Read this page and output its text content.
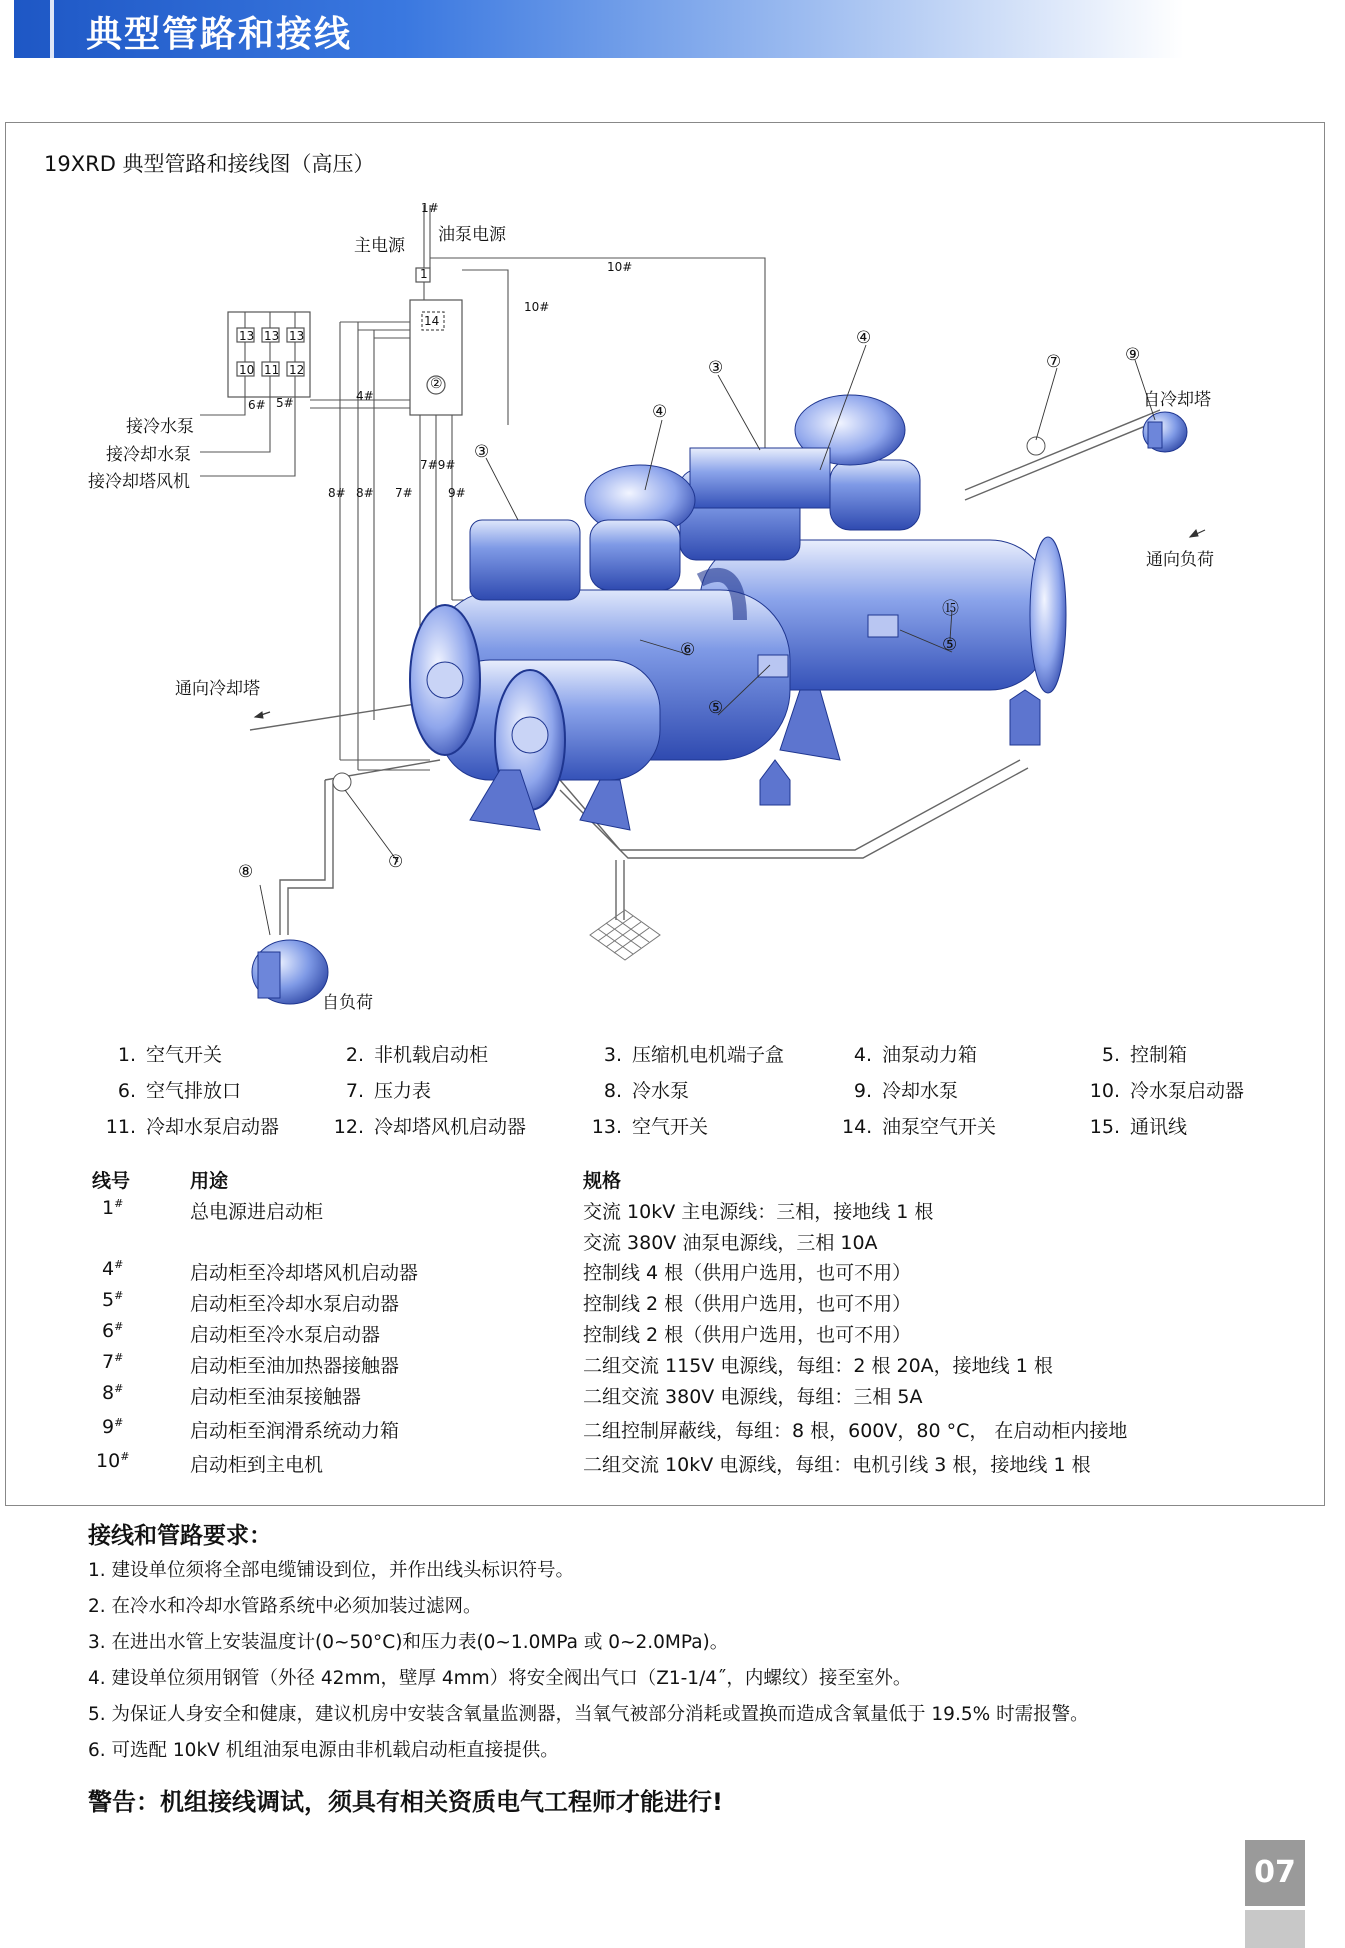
典型管路和接线
19XRD 典型管路和接线图（高压）
1#
主电源
油泵电源
10#
10#
1
14
②
13 13 13
10 11 12
6# 5#	4#
接冷水泵
接冷却水泵
接冷却塔风机
8# 8# 7#
7#9#
9#
自冷却塔
通向负荷
通向冷却塔
自负荷
③
④
③
④
⑦	⑨
⑮
⑤
⑥
⑤
⑦
⑧
1. 空气开关	2. 非机载启动柜	3. 压缩机电机端子盒	4. 油泵动力箱	5. 控制箱
6. 空气排放口	7. 压力表	8. 冷水泵	9. 冷却水泵	10. 冷水泵启动器
11. 冷却水泵启动器	12. 冷却塔风机启动器	13. 空气开关	14. 油泵空气开关	15. 通讯线
线号	用途	规格
1#	总电源进启动柜	交流 10kV 主电源线：三相，接地线 1 根
交流 380V 油泵电源线，三相 10A
4#	启动柜至冷却塔风机启动器	控制线 4 根（供用户选用，也可不用）
5#	启动柜至冷却水泵启动器	控制线 2 根（供用户选用，也可不用）
6#	启动柜至冷水泵启动器	控制线 2 根（供用户选用，也可不用）
7#	启动柜至油加热器接触器	二组交流 115V 电源线，每组：2 根 20A，接地线 1 根
8#	启动柜至油泵接触器	二组交流 380V 电源线，每组：三相 5A
9#	启动柜至润滑系统动力箱	二组控制屏蔽线，每组：8 根，600V，80 °C， 在启动柜内接地
10#	启动柜到主电机	二组交流 10kV 电源线，每组：电机引线 3 根，接地线 1 根
接线和管路要求：
1. 建设单位须将全部电缆铺设到位，并作出线头标识符号。
2. 在冷水和冷却水管路系统中必须加装过滤网。
3. 在进出水管上安装温度计(0~50°C)和压力表(0~1.0MPa 或 0~2.0MPa)。
4. 建设单位须用钢管（外径 42mm，壁厚 4mm）将安全阀出气口（Z1-1/4˝，内螺纹）接至室外。
5. 为保证人身安全和健康，建议机房中安装含氧量监测器，当氧气被部分消耗或置换而造成含氧量低于 19.5% 时需报警。
6. 可选配 10kV 机组油泵电源由非机载启动柜直接提供。
警告：机组接线调试，须具有相关资质电气工程师才能进行!
07
